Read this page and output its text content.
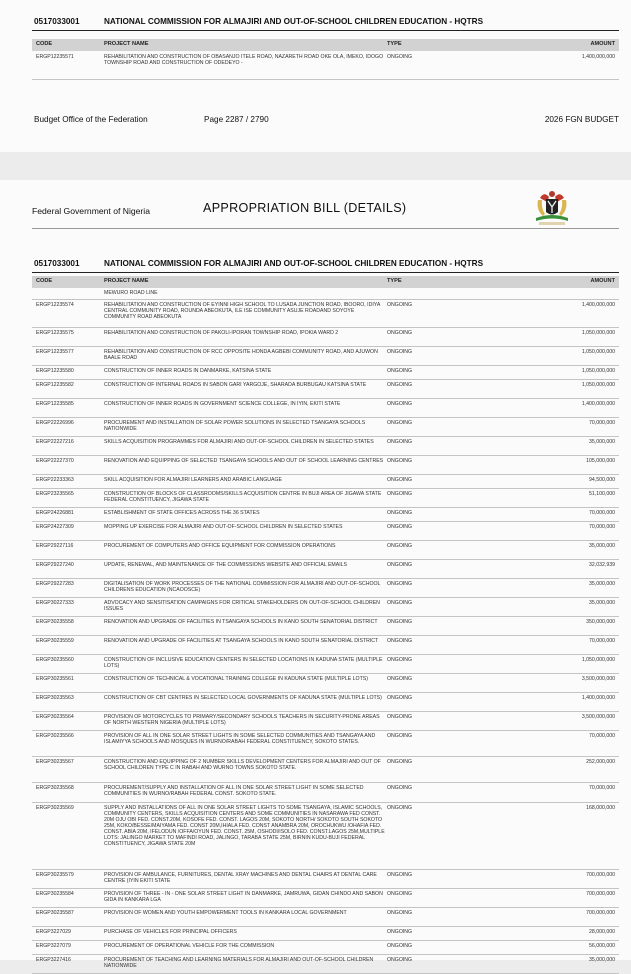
0517033001	NATIONAL COMMISSION FOR ALMAJIRI AND OUT-OF-SCHOOL CHILDREN EDUCATION - HQTRS
CODE	PROJECT NAME	TYPE	AMOUNT
ERGP12235571	REHABILITATION AND CONSTRUCTION OF OBASANJO ITELE ROAD, NAZARETH ROAD OKE OLA, IMEKO, IDOGO TOWNSHIP ROAD AND CONSTRUCTION OF ODEDEYO -
ONGOING	1,400,000,000
Budget Office of the Federation	Page 2287 / 2790	2026 FGN BUDGET
Federal Government of Nigeria	APPROPRIATION BILL (DETAILS)
0517033001	NATIONAL COMMISSION FOR ALMAJIRI AND OUT-OF-SCHOOL CHILDREN EDUCATION - HQTRS
CODE	PROJECT NAME	TYPE	AMOUNT
MEWURO ROAD LINE
ERGP12235574	REHABILITATION AND CONSTRUCTION OF EYINNI HIGH SCHOOL TO LUSADA JUNCTION ROAD, IBOORO, IDIYA CENTRAL COMMUNITY ROAD, ROUNDA ABEOKUTA, ILE ISE COMMUNITY ASUJE ROADAND SOYOYE COMMUNITY ROAD ABEOKUTA
ONGOING	1,400,000,000
ERGP12235575	REHABILITATION AND CONSTRUCTION OF PAKOLI-IPORAN TOWNSHIP ROAD, IPOKIA WARD 2	ONGOING	1,050,000,000
ERGP12235577	REHABILITATION AND CONSTRUCTION OF RCC OPPOSITE HONDA AGBEBI COMMUNITY ROAD, AND AJUWON BAALE ROAD
ONGOING	1,050,000,000
ERGP12235580	CONSTRUCTION OF INNER ROADS IN DANMARKE, KATSINA STATE	ONGOING	1,050,000,000
ERGP12235582	CONSTRUCTION OF INTERNAL ROADS IN SABON GARI YARGOJE, SHARADA BURBUGAU KATSINA STATE	ONGOING	1,050,000,000
ERGP12235585	CONSTRUCTION OF INNER ROADS IN GOVERNMENT SCIENCE COLLEGE, IN IYIN, EKITI STATE	ONGOING	1,400,000,000
ERGP22226996	PROCUREMENT AND INSTALLATION OF SOLAR POWER SOLUTIONS IN SELECTED TSANGAYA SCHOOLS NATIONWIDE
ONGOING	70,000,000
ERGP22227216	SKILLS ACQUISITION PROGRAMMES FOR ALMAJIRI AND OUT-OF-SCHOOL CHILDREN IN SELECTED STATES	ONGOING	35,000,000
ERGP22227370	RENOVATION AND EQUIPPING OF SELECTED TSANGAYA SCHOOLS AND OUT OF SCHOOL LEARNING CENTRES ONGOING	105,000,000
ERGP22233363	SKILL ACQUISITION FOR ALMAJIRI LEARNERS AND ARABIC LANGUAGE	ONGOING	94,500,000
ERGP23235565	CONSTRUCTION OF BLOCKS OF CLASSROOMS/SKILLS ACQUISITION CENTRE IN BUJI AREA OF JIGAWA STATE FEDERAL CONSTITUENCY, JIGAWA STATE
ONGOING	51,100,000
ERGP24226881	ESTABLISHMENT OF STATE OFFICES ACROSS THE 36 STATES	ONGOING	70,000,000
ERGP24227309	MOPPING UP EXERCISE FOR ALMAJIRI AND OUT-OF-SCHOOL CHILDREN IN SELECTED STATES	ONGOING	70,000,000
ERGP29227116	PROCUREMENT OF COMPUTERS AND OFFICE EQUIPMENT FOR COMMISSION OPERATIONS	ONGOING	35,000,000
ERGP29227240	UPDATE, RENEWAL, AND MAINTENANCE OF THE COMMISSIONS WEBSITE AND OFFICIAL EMAILS	ONGOING	32,032,939
ERGP29227283	DIGITALISATION OF WORK PROCESSES OF THE NATIONAL COMMISSION FOR ALMAJIRI AND OUT-OF-SCHOOL CHILDRENS EDUCATION (NCAOOSCE)
ONGOING	35,000,000
ERGP30227333	ADVOCACY AND SENSITISATION CAMPAIGNS FOR CRITICAL STAKEHOLDERS ON OUT-OF-SCHOOL CHILDREN ISSUES
ONGOING	35,000,000
ERGP30235558	RENOVATION AND UPGRADE OF FACILITIES IN TSANGAYA SCHOOLS IN KANO SOUTH SENATORIAL DISTRICT	ONGOING	350,000,000
ERGP30235559	RENOVATION AND UPGRADE OF FACILITIES AT TSANGAYA SCHOOLS IN KANO SOUTH SENATORIAL DISTRICT	ONGOING	70,000,000
ERGP30235560	CONSTRUCTION OF INCLUSIVE EDUCATION CENTERS IN SELECTED LOCATIONS IN KADUNA STATE (MULTIPLE LOTS)
ONGOING	1,050,000,000
ERGP30235561	CONSTRUCTION OF TECHNICAL & VOCATIONAL TRAINING COLLEGE IN KADUNA STATE (MULTIPLE LOTS)	ONGOING	3,500,000,000
ERGP30235563	CONSTRUCTION OF CBT CENTRES IN SELECTED LOCAL GOVERNMENTS OF KADUNA STATE (MULTIPLE LOTS) ONGOING	1,400,000,000
ERGP30235564	PROVISION OF MOTORCYCLES TO PRIMARY/SECONDARY SCHOOLS TEACHERS IN SECURITY-PRONE AREAS OF NORTH WESTERN NIGERIA (MULTIPLE LOTS)
ONGOING	3,500,000,000
ERGP30235566	PROVISION OF ALL IN ONE SOLAR STREET LIGHTS IN SOME SELECTED COMMUNITIES AND TSANGAYA AND ISLAMIYYA SCHOOLS AND MOSQUES IN WURNO/RABAH FEDERAL CONSTITUENCY, SOKOTO STATES.
ONGOING	70,000,000
ERGP30235567	CONSTRUCTION AND EQUIPPING OF 2 NUMBER SKILLS DEVELOPMENT CENTERS FOR ALMAJIRI AND OUT OF SCHOOL CHILDREN TYPE C IN RABAH AND WURNO TOWNS SOKOTO STATE.
ONGOING	252,000,000
ERGP30235568	PROCUREMENT/SUPPLY AND INSTALLATION OF ALL IN ONE SOLAR STREET LIGHT IN SOME SELECTED COMMUNITIES IN WURNO/RABAH FEDERAL CONST. SOKOTO STATE.
ONGOING	70,000,000
ERGP30235569	SUPPLY AND INSTALLATIONS OF ALL IN ONE SOLAR STREET LIGHTS TO SOME TSANGAYA, ISLAMIC SCHOOLS, COMMUNITY CENTERS, SKILLS ACQUISITION CENTERS AND SOME COMMUNITIES IN NASARAWA FED CONST. 20M OJU OBI FED. CONST.20M, KOSOFE FED. CONST. LAGOS 20M, SOKOTO NORTH/ SOKOTO SOUTH SOKOTO 25M, KOKO/BESSE/MAIYAMA FED. CONST 20M,IHIALA FED. CONST ANAMBRA 20M, OROCHUKWU /OHAFIA FED. CONST. ABIA 20M, IFELODUN /OFFA/OYUN FED. CONST. 25M, OSHODI/ISOLO FED. CONST.LAGOS 25M,MULTIPLE LOTS: JALINGO MARKET TO MAFINDI ROAD, JALINGO, TARABA STATE 25M, BIRNIN KUDU-BUJI FEDERAL CONSTITUENCY, JIGAWA STATE 20M
ONGOING	168,000,000
ERGP30235579	PROVISION OF AMBULANCE, FURNITURES, DENTAL XRAY MACHINES AND DENTAL CHAIRS AT DENTAL CARE CENTRE (IYIN EKITI STATE
ONGOING	700,000,000
ERGP30235584	PROVISION OF THREE - IN - ONE SOLAR STREET LIGHT IN DANMARKE, JAMRUWA, GIDAN CHINDO AND SABON GIDA IN KANKARA LGA
ONGOING	700,000,000
ERGP30235587	PROVISION OF WOMEN AND YOUTH EMPOWERMENT TOOLS IN KANKARA LOCAL GOVERNMENT	ONGOING	700,000,000
ERGP3227029	PURCHASE OF VEHICLES FOR PRINCIPAL OFFICERS	ONGOING	28,000,000
ERGP3227079	PROCUREMENT OF OPERATIONAL VEHICLE FOR THE COMMISSION	ONGOING	56,000,000
ERGP3227416	PROCUREMENT OF TEACHING AND LEARNING MATERIALS FOR ALMAJIRI AND OUT-OF-SCHOOL CHILDREN NATIONWIDE
ONGOING	35,000,000
